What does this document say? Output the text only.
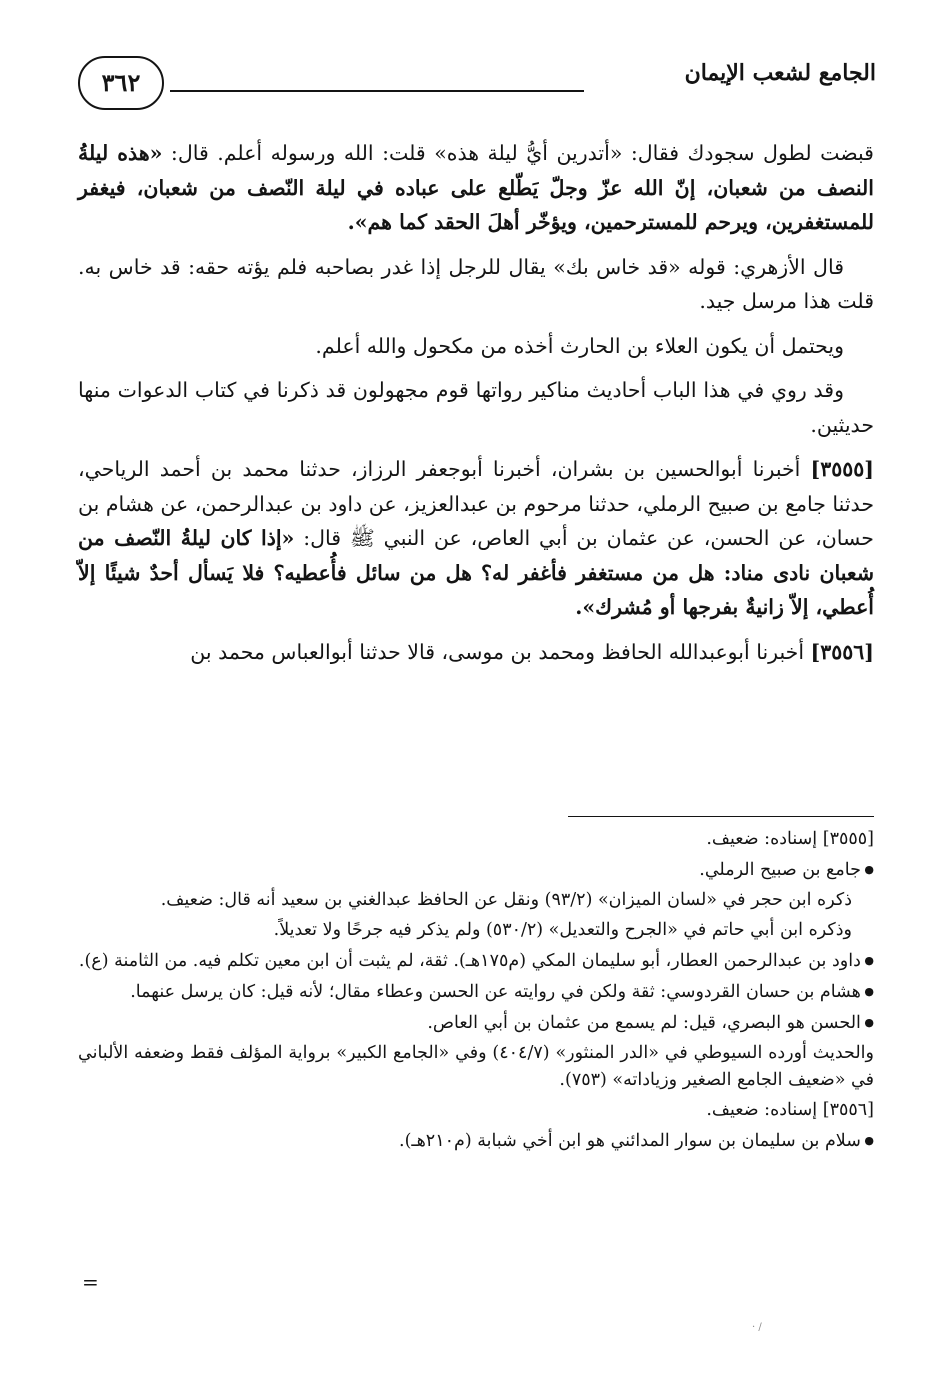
٣٦٢	الجامع لشعب الإيمان

قبضت لطول سجودك فقال: «أتدرين أيُّ ليلة هذه» قلت: الله ورسوله أعلم. قال: «هذه ليلةُ النصف من شعبان، إنّ الله عزّ وجلّ يَطّلع على عباده في ليلة النّصف من شعبان، فيغفر للمستغفرين، ويرحم للمسترحمين، ويؤخّر أهلَ الحقد كما هم».

قال الأزهري: قوله «قد خاس بك» يقال للرجل إذا غدر بصاحبه فلم يؤته حقه: قد خاس به. قلت هذا مرسل جيد.

ويحتمل أن يكون العلاء بن الحارث أخذه من مكحول والله أعلم.

وقد روي في هذا الباب أحاديث مناكير رواتها قوم مجهولون قد ذكرنا في كتاب الدعوات منها حديثين.

[٣٥٥٥] أخبرنا أبوالحسين بن بشران، أخبرنا أبوجعفر الرزاز، حدثنا محمد بن أحمد الرياحي، حدثنا جامع بن صبيح الرملي، حدثنا مرحوم بن عبدالعزيز، عن داود بن عبدالرحمن، عن هشام بن حسان، عن الحسن، عن عثمان بن أبي العاص، عن النبي ﷺ قال: «إذا كان ليلةُ النّصف من شعبان نادى مناد: هل من مستغفر فأغفر له؟ هل من سائل فأُعطيه؟ فلا يَسأل أحدٌ شيئًا إلاّ أُعطي، إلاّ زانيةٌ بفرجها أو مُشرك».

[٣٥٥٦] أخبرنا أبوعبدالله الحافظ ومحمد بن موسى، قالا حدثنا أبوالعباس محمد بن

[٣٥٥٥] إسناده: ضعيف.

● جامع بن صبيح الرملي.

ذكره ابن حجر في «لسان الميزان» (٩٣/٢) ونقل عن الحافظ عبدالغني بن سعيد أنه قال: ضعيف.

وذكره ابن أبي حاتم في «الجرح والتعديل» (٥٣٠/٢) ولم يذكر فيه جرحًا ولا تعديلاً.

● داود بن عبدالرحمن العطار، أبو سليمان المكي (م١٧٥هـ). ثقة، لم يثبت أن ابن معين تكلم فيه. من الثامنة (ع).

● هشام بن حسان القردوسي: ثقة ولكن في روايته عن الحسن وعطاء مقال؛ لأنه قيل: كان يرسل عنهما.

● الحسن هو البصري، قيل: لم يسمع من عثمان بن أبي العاص.

والحديث أورده السيوطي في «الدر المنثور» (٤٠٤/٧) وفي «الجامع الكبير» برواية المؤلف فقط وضعفه الألباني في «ضعيف الجامع الصغير وزياداته» (٧٥٣).

[٣٥٥٦] إسناده: ضعيف.

● سلام بن سليمان بن سوار المدائني هو ابن أخي شبابة (م٢١٠هـ).

=
· /
